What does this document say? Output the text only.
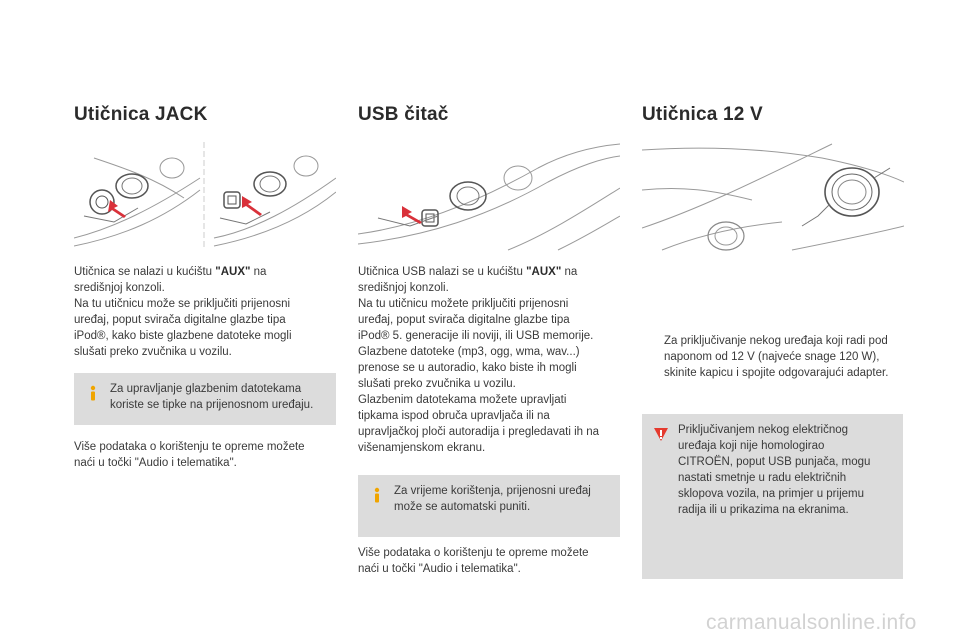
Utičnica JACK
Utičnica se nalazi u kućištu "AUX" na
središnjoj konzoli.
Na tu utičnicu može se priključiti prijenosni
uređaj, poput svirača digitalne glazbe tipa
iPod®, kako biste glazbene datoteke mogli
slušati preko zvučnika u vozilu.
Za upravljanje glazbenim datotekama
koriste se tipke na prijenosnom uređaju.
Više podataka o korištenju te opreme možete
naći u točki "Audio i telematika".
USB čitač
Utičnica USB nalazi se u kućištu "AUX" na
središnjoj konzoli.
Na tu utičnicu možete priključiti prijenosni
uređaj, poput svirača digitalne glazbe tipa
iPod® 5. generacije ili noviji, ili USB memorije.
Glazbene datoteke (mp3, ogg, wma, wav...)
prenose se u autoradio, kako biste ih mogli
slušati preko zvučnika u vozilu.
Glazbenim datotekama možete upravljati
tipkama ispod obruča upravljača ili na
upravljačkoj ploči autoradija i pregledavati ih na
višenamjenskom ekranu.
Za vrijeme korištenja, prijenosni uređaj
može se automatski puniti.
Više podataka o korištenju te opreme možete
naći u točki "Audio i telematika".
Utičnica 12 V
Za priključivanje nekog uređaja koji radi pod
naponom od 12 V (najveće snage 120 W),
skinite kapicu i spojite odgovarajući adapter.
Priključivanjem nekog električnog
uređaja koji nije homologirao
CITROËN, poput USB punjača, mogu
nastati smetnje u radu električnih
sklopova vozila, na primjer u prijemu
radija ili u prikazima na ekranima.
carmanualsonline.info
